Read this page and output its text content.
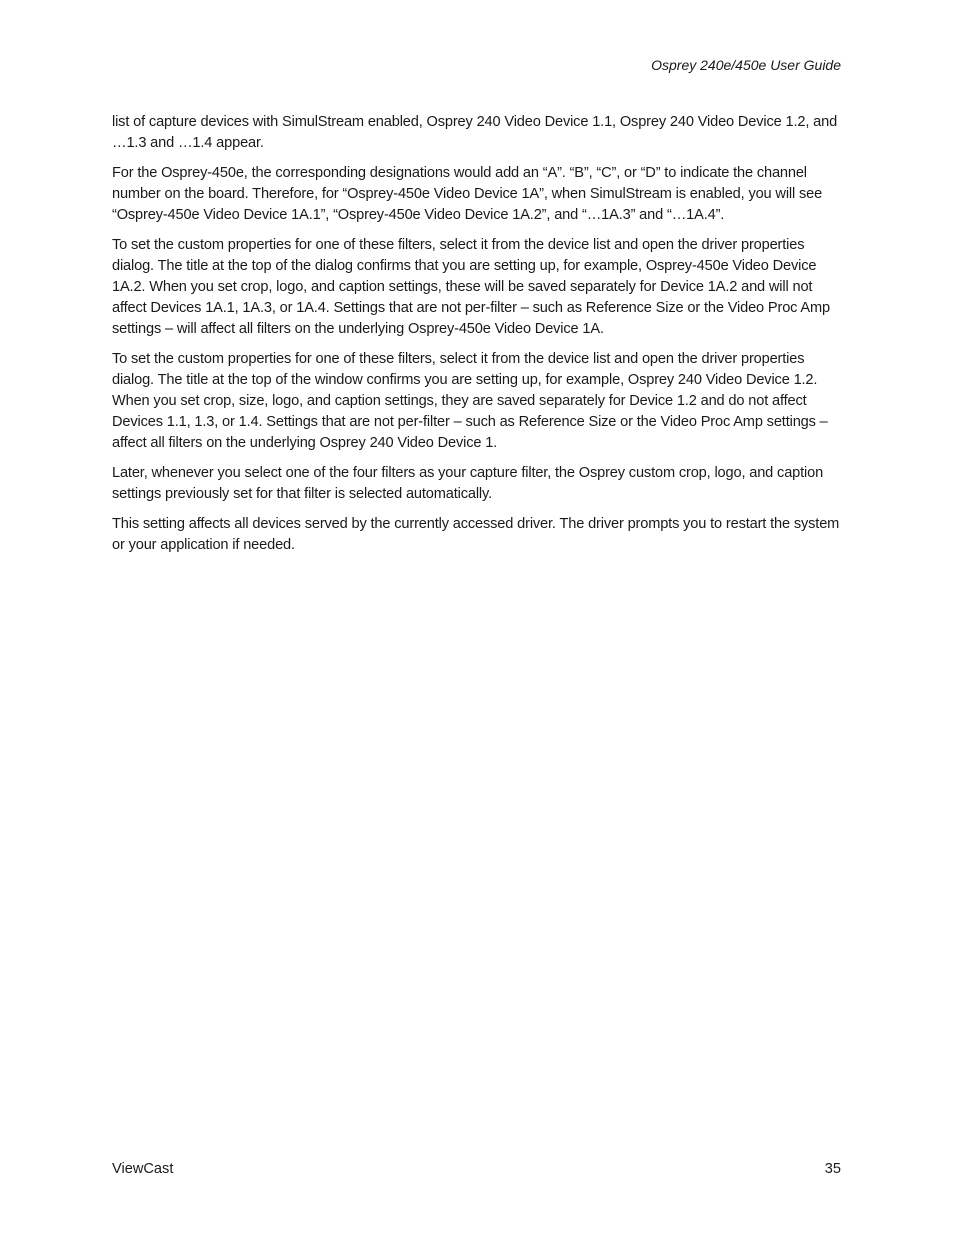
Osprey 240e/450e User Guide

list of capture devices with SimulStream enabled, Osprey 240 Video Device 1.1, Osprey 240 Video Device 1.2, and …1.3 and …1.4 appear.

For the Osprey-450e, the corresponding designations would add an “A”. “B”, “C”, or “D” to indicate the channel number on the board. Therefore, for “Osprey-450e Video Device 1A”, when SimulStream is enabled, you will see “Osprey-450e Video Device 1A.1”, “Osprey-450e Video Device 1A.2”, and “…1A.3” and “…1A.4”.

To set the custom properties for one of these filters, select it from the device list and open the driver properties dialog. The title at the top of the dialog confirms that you are setting up, for example, Osprey-450e Video Device 1A.2. When you set crop, logo, and caption settings, these will be saved separately for Device 1A.2 and will not affect Devices 1A.1, 1A.3, or 1A.4. Settings that are not per-filter – such as Reference Size or the Video Proc Amp settings – will affect all filters on the underlying Osprey-450e Video Device 1A.

To set the custom properties for one of these filters, select it from the device list and open the driver properties dialog. The title at the top of the window confirms you are setting up, for example, Osprey 240 Video Device 1.2. When you set crop, size, logo, and caption settings, they are saved separately for Device 1.2 and do not affect Devices 1.1, 1.3, or 1.4. Settings that are not per-filter – such as Reference Size or the Video Proc Amp settings –affect all filters on the underlying Osprey 240 Video Device 1.

Later, whenever you select one of the four filters as your capture filter, the Osprey custom crop, logo, and caption settings previously set for that filter is selected automatically.

This setting affects all devices served by the currently accessed driver. The driver prompts you to restart the system or your application if needed.

ViewCast	35
